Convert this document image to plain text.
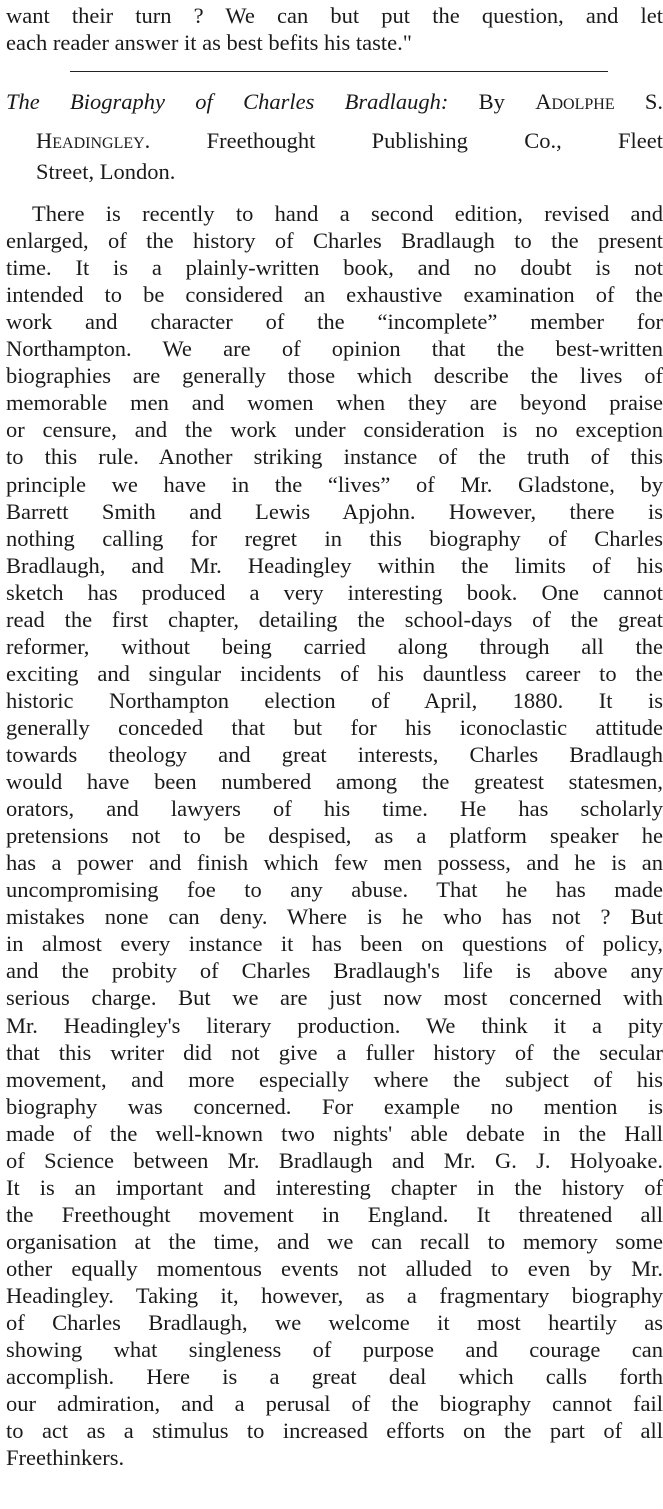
want their turn ? We can but put the question, and let
each reader answer it as best befits his taste."
The Biography of Charles Bradlaugh: By Adolphe S.
Headingley.	Freethought Publishing Co., Fleet
Street, London.
There is recently to hand a second edition, revised and
enlarged, of the history of Charles Bradlaugh to the present
time. It is a plainly-written book, and no doubt is not
intended to be considered an exhaustive examination of the
work and character of the “incomplete” member for
Northampton. We are of opinion that the best-written
biographies are generally those which describe the lives of
memorable men and women when they are beyond praise
or censure, and the work under consideration is no exception
to this rule. Another striking instance of the truth of this
principle we have in the “lives” of Mr. Gladstone, by
Barrett Smith and Lewis Apjohn. However, there is
nothing calling for regret in this biography of Charles
Bradlaugh, and Mr. Headingley within the limits of his
sketch has produced a very interesting book. One cannot
read the first chapter, detailing the school-days of the great
reformer, without being carried along through all the
exciting and singular incidents of his dauntless career to the
historic Northampton election of April, 1880. It is
generally conceded that but for his iconoclastic attitude
towards theology and great interests, Charles Bradlaugh
would have been numbered among the greatest statesmen,
orators, and lawyers of his time. He has scholarly
pretensions not to be despised, as a platform speaker he
has a power and finish which few men possess, and he is an
uncompromising foe to any abuse. That he has made
mistakes none can deny. Where is he who has not ? But
in almost every instance it has been on questions of policy,
and the probity of Charles Bradlaugh's life is above any
serious charge. But we are just now most concerned with
Mr. Headingley's literary production. We think it a pity
that this writer did not give a fuller history of the secular
movement, and more especially where the subject of his
biography was concerned. For example no mention is
made of the well-known two nights' able debate in the Hall
of Science between Mr. Bradlaugh and Mr. G. J. Holyoake.
It is an important and interesting chapter in the history of
the Freethought movement in England. It threatened all
organisation at the time, and we can recall to memory some
other equally momentous events not alluded to even by Mr.
Headingley. Taking it, however, as a fragmentary biography
of Charles Bradlaugh, we welcome it most heartily as
showing what singleness of purpose and courage can
accomplish. Here is a great deal which calls forth
our admiration, and a perusal of the biography cannot fail
to act as a stimulus to increased efforts on the part of all
Freethinkers.
